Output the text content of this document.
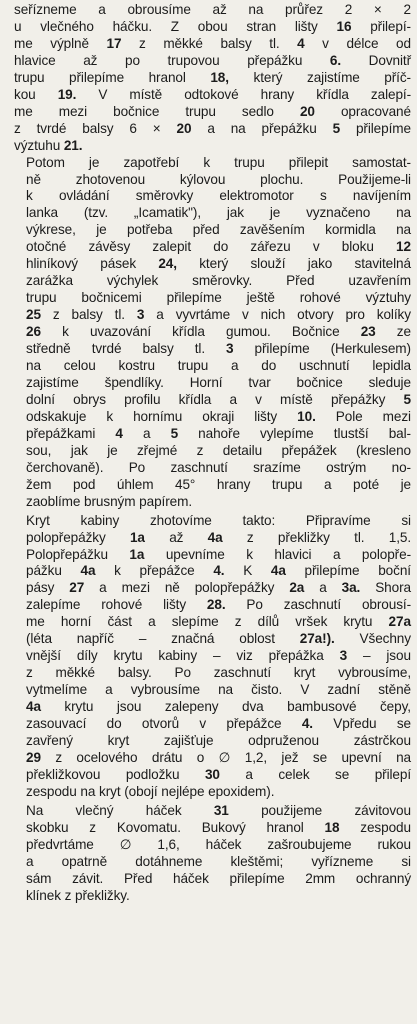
seřízneme a obrousíme až na průřez 2 × 2
u vlečného háčku. Z obou stran lišty 16 přilepí-
me výplně 17 z měkké balsy tl. 4 v délce od
hlavice až po trupovou přepážku 6. Dovnitř
trupu přilepíme hranol 18, který zajistíme příč-
kou 19. V místě odtokové hrany křídla zalepí-
me mezi bočnice trupu sedlo 20 opracované
z tvrdé balsy 6 × 20 a na přepážku 5 přilepíme
výztuhu 21.

Potom je zapotřebí k trupu přilepit samostat-
ně	zhotovenou	kýlovou	plochu.	Použijeme-li
k ovládání směrovky elektromotor s navíjením
lanka (tzv. „Icamatik"), jak je vyznačeno na
výkrese, je potřeba před zavěšením kormidla na
otočné závěsy zalepit do zářezu v bloku 12
hliníkový pásek 24, který slouží jako stavitelná
zarážka výchylek směrovky. Před uzavřením
trupu bočnicemi přilepíme ještě rohové výztuhy
25 z balsy tl. 3 a vyvrtáme v nich otvory pro kolíky
26 k uvazování křídla gumou. Bočnice 23 ze
středně tvrdé balsy tl. 3 přilepíme (Herkulesem)
na celou kostru trupu a do uschnutí lepidla
zajistíme špendlíky. Horní tvar bočnice sleduje
dolní obrys profilu křídla a v místě přepážky 5
odskakuje k hornímu okraji lišty 10. Pole mezi
přepážkami 4 a 5 nahoře vylepíme tlustší bal-
sou, jak je zřejmé z detailu přepážek (kresleno
čerchovaně). Po zaschnutí srazíme ostrým no-
žem pod úhlem 45° hrany trupu a poté je
zaoblíme brusným papírem.

Kryt kabiny zhotovíme takto: Připravíme si
polopřepážky 1a až 4a z překližky tl. 1,5.
Polopřepážku 1a upevníme k hlavici a polopře-
pážku 4a k přepážce 4. K 4a přilepíme boční
pásy 27 a mezi ně polopřepážky 2a a 3a. Shora
zalepíme rohové lišty 28. Po zaschnutí obrousí-
me horní část a slepíme z dílů vršek krytu 27a
(léta napříč – značná oblost 27a!). Všechny
vnější díly krytu kabiny – viz přepážka 3 – jsou
z měkké balsy. Po zaschnutí kryt vybrousíme,
vytmelíme a vybrousíme na čisto. V zadní stěně
4a krytu jsou zalepeny dva bambusové čepy,
zasouvací do otvorů v přepážce 4. Vpředu se
zavřený	kryt	zajišťuje	odpruženou	zástrčkou
29 z ocelového drátu o ∅ 1,2, jež se upevní na
překližkovou podložku 30 a celek se přilepí
zespodu na kryt (obojí nejlépe epoxidem).

Na vlečný háček 31 použijeme závitovou
skobku z Kovomatu. Bukový hranol 18 zespodu
předvrtáme ∅ 1,6, háček zašroubujeme rukou
a opatrně dotáhneme kleštěmi; vyřízneme si
sám závit. Před háček přilepíme 2mm ochranný
klínek z překližky.
